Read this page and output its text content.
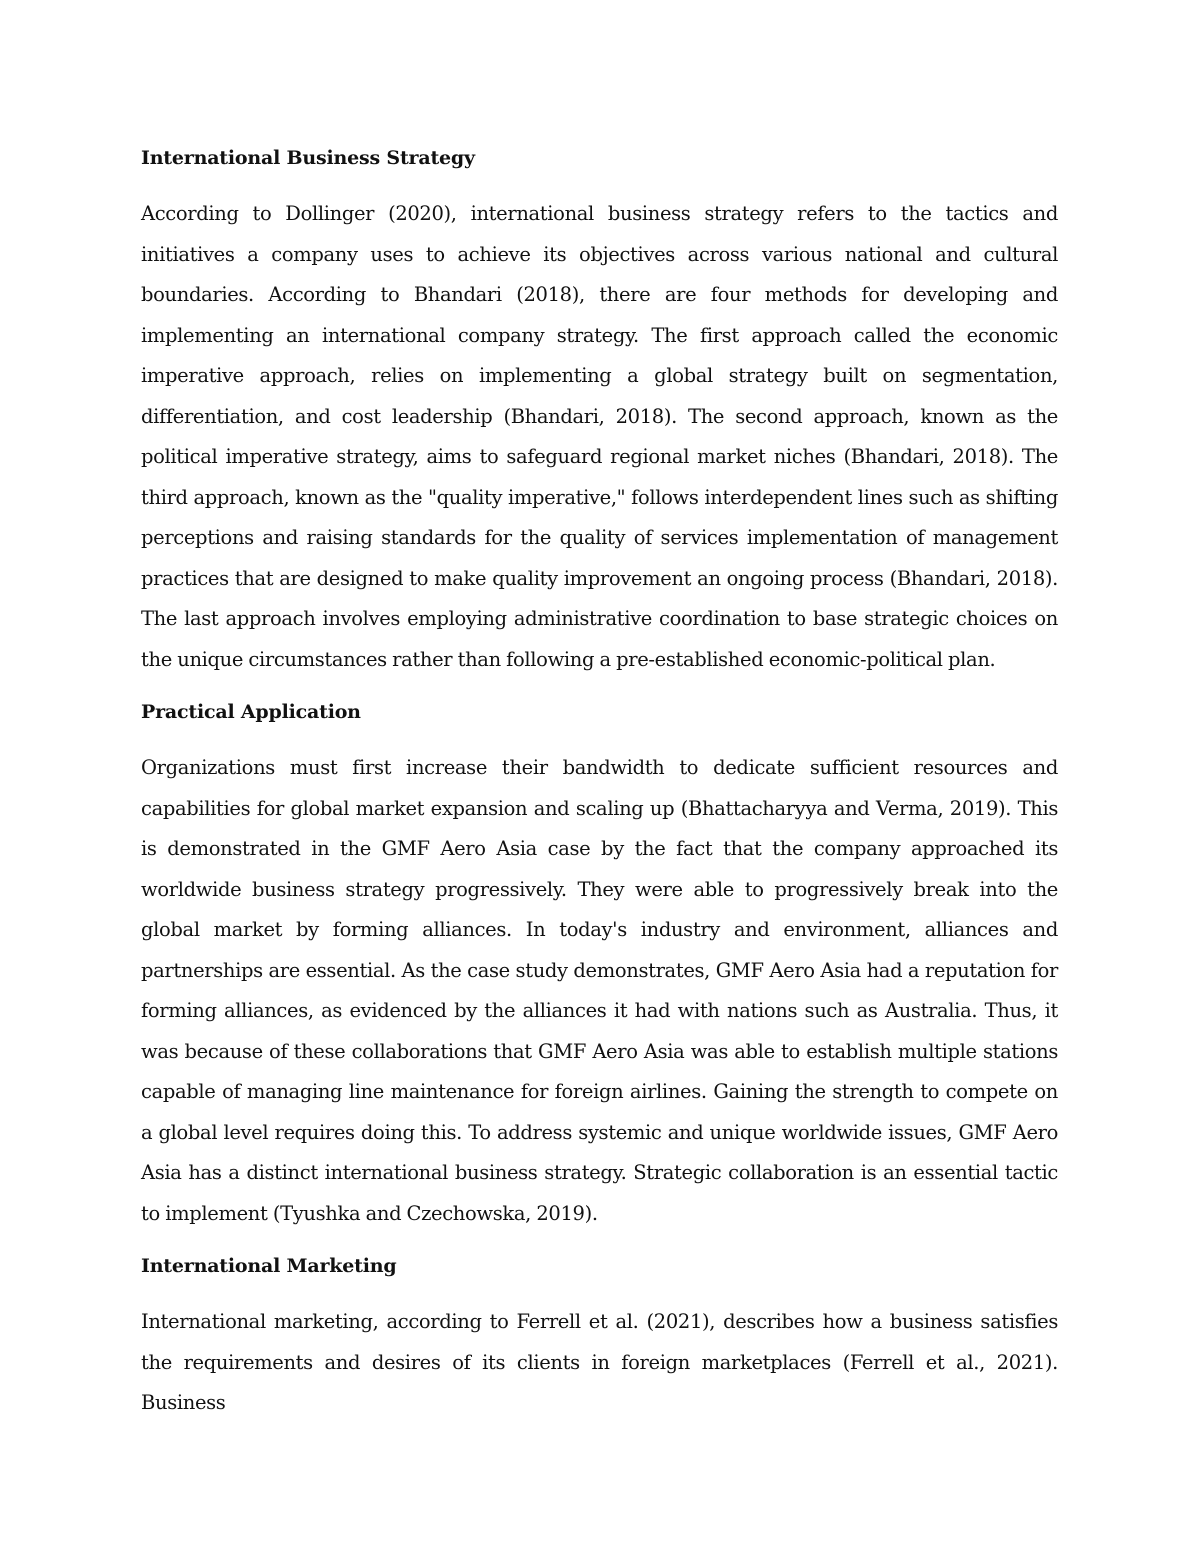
International Business Strategy

According to Dollinger (2020), international business strategy refers to the tactics and initiatives a company uses to achieve its objectives across various national and cultural boundaries. According to Bhandari (2018), there are four methods for developing and implementing an international company strategy. The first approach called the economic imperative approach, relies on implementing a global strategy built on segmentation, differentiation, and cost leadership (Bhandari, 2018). The second approach, known as the political imperative strategy, aims to safeguard regional market niches (Bhandari, 2018). The third approach, known as the "quality imperative," follows interdependent lines such as shifting perceptions and raising standards for the quality of services implementation of management practices that are designed to make quality improvement an ongoing process (Bhandari, 2018). The last approach involves employing administrative coordination to base strategic choices on the unique circumstances rather than following a pre-established economic-political plan.

Practical Application

Organizations must first increase their bandwidth to dedicate sufficient resources and capabilities for global market expansion and scaling up (Bhattacharyya and Verma, 2019). This is demonstrated in the GMF Aero Asia case by the fact that the company approached its worldwide business strategy progressively. They were able to progressively break into the global market by forming alliances. In today's industry and environment, alliances and partnerships are essential. As the case study demonstrates, GMF Aero Asia had a reputation for forming alliances, as evidenced by the alliances it had with nations such as Australia. Thus, it was because of these collaborations that GMF Aero Asia was able to establish multiple stations capable of managing line maintenance for foreign airlines. Gaining the strength to compete on a global level requires doing this. To address systemic and unique worldwide issues, GMF Aero Asia has a distinct international business strategy. Strategic collaboration is an essential tactic to implement (Tyushka and Czechowska, 2019).

International Marketing

International marketing, according to Ferrell et al. (2021), describes how a business satisfies the requirements and desires of its clients in foreign marketplaces (Ferrell et al., 2021). Business
